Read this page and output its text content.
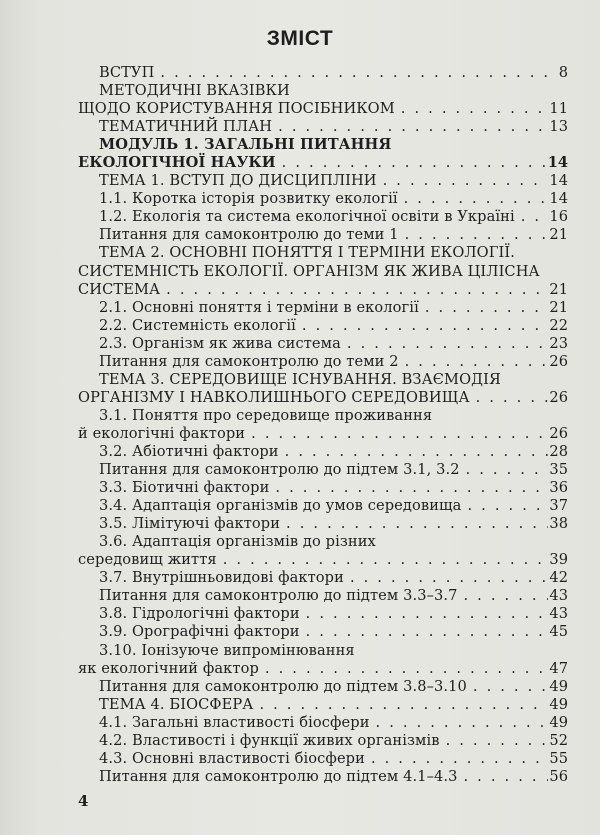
ЗМІСТ
ВСТУП . . .	8
МЕТОДИЧНІ ВКАЗІВКИ
ЩОДО КОРИСТУВАННЯ ПОСІБНИКОМ . . .	11
ТЕМАТИЧНИЙ ПЛАН . . .	13
МОДУЛЬ 1. ЗАГАЛЬНІ ПИТАННЯ
ЕКОЛОГІЧНОЇ НАУКИ . . .	14
ТЕМА 1. ВСТУП ДО ДИСЦИПЛІНИ . . .	14
1.1. Коротка історія розвитку екології . . .	14
1.2. Екологія та система екологічної освіти в Україні . . . 16
Питання для самоконтролю до теми 1 . . .	21
ТЕМА 2. ОСНОВНІ ПОНЯТТЯ І ТЕРМІНИ ЕКОЛОГІЇ.
СИСТЕМНІСТЬ ЕКОЛОГІЇ. ОРГАНІЗМ ЯК ЖИВА ЦІЛІСНА
СИСТЕМА . . .	21
2.1. Основні поняття і терміни в екології . . .	21
2.2. Системність екології . . .	22
2.3. Організм як жива система . . .	23
Питання для самоконтролю до теми 2 . . .	26
ТЕМА 3. СЕРЕДОВИЩЕ ІСНУВАННЯ. ВЗАЄМОДІЯ
ОРГАНІЗМУ І НАВКОЛИШНЬОГО СЕРЕДОВИЩА . . .	26
3.1. Поняття про середовище проживання
й екологічні фактори . . .	26
3.2. Абіотичні фактори . . .	28
Питання для самоконтролю до підтем 3.1, 3.2 . . .	35
3.3. Біотичні фактори . . .	36
3.4. Адаптація організмів до умов середовища . . .	37
3.5. Лімітуючі фактори . . .	38
3.6. Адаптація організмів до різних
середовищ життя . . .	39
3.7. Внутрішньовидові фактори . . .	42
Питання для самоконтролю до підтем 3.3–3.7 . . .	43
3.8. Гідрологічні фактори . . .	43
3.9. Орографічні фактори . . .	45
3.10. Іонізуюче випромінювання
як екологічний фактор . . .	47
Питання для самоконтролю до підтем 3.8–3.10 . . .	49
ТЕМА 4. БІОСФЕРА . . .	49
4.1. Загальні властивості біосфери . . .	49
4.2. Властивості і функції живих організмів . . .	52
4.3. Основні властивості біосфери . . .	55
Питання для самоконтролю до підтем 4.1–4.3 . . .	56
4
